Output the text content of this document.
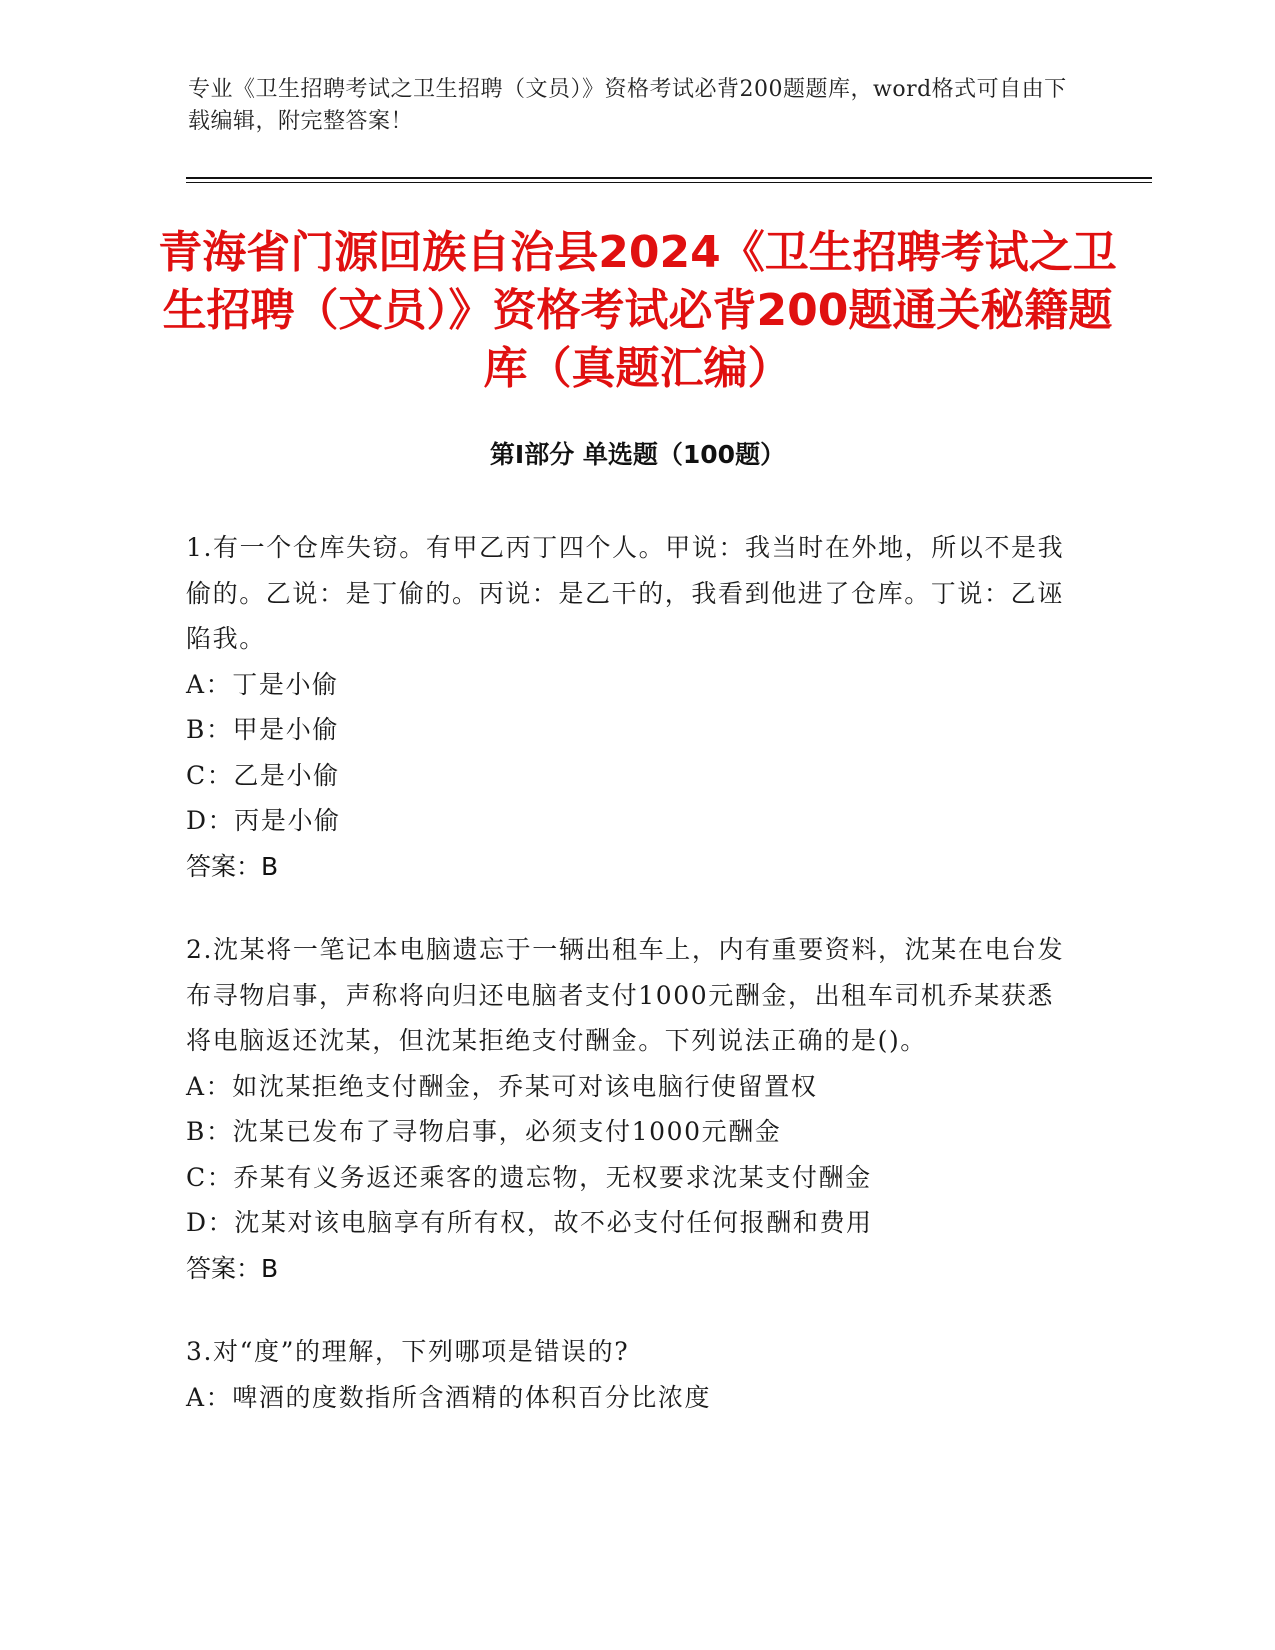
专业《卫生招聘考试之卫生招聘（文员）》资格考试必背200题题库，word格式可自由下载编辑，附完整答案！
青海省门源回族自治县2024《卫生招聘考试之卫生招聘（文员）》资格考试必背200题通关秘籍题库（真题汇编）
第Ⅰ部分 单选题（100题）

1.有一个仓库失窃。有甲乙丙丁四个人。甲说：我当时在外地，所以不是我偷的。乙说：是丁偷的。丙说：是乙干的，我看到他进了仓库。丁说：乙诬陷我。

A：丁是小偷

B：甲是小偷

C：乙是小偷

D：丙是小偷

答案：B

2.沈某将一笔记本电脑遗忘于一辆出租车上，内有重要资料，沈某在电台发布寻物启事，声称将向归还电脑者支付1000元酬金，出租车司机乔某获悉将电脑返还沈某，但沈某拒绝支付酬金。下列说法正确的是()。

A：如沈某拒绝支付酬金，乔某可对该电脑行使留置权

B：沈某已发布了寻物启事，必须支付1000元酬金

C：乔某有义务返还乘客的遗忘物，无权要求沈某支付酬金

D：沈某对该电脑享有所有权，故不必支付任何报酬和费用

答案：B

3.对“度”的理解，下列哪项是错误的?

A：啤酒的度数指所含酒精的体积百分比浓度
